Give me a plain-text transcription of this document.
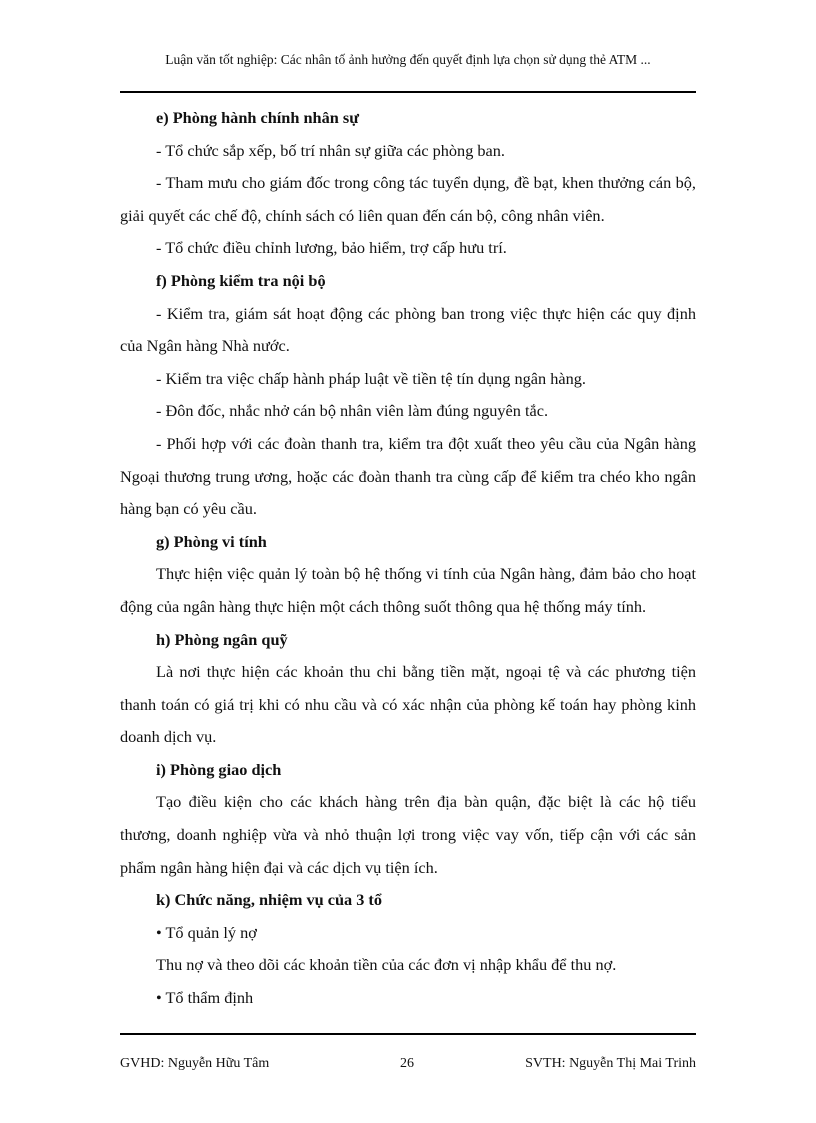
Luận văn tốt nghiệp: Các nhân tố ảnh hưởng đến quyết định lựa chọn sử dụng thẻ ATM ...

e) Phòng hành chính nhân sự

- Tổ chức sắp xếp, bố trí nhân sự giữa các phòng ban.

- Tham mưu cho giám đốc trong công tác tuyển dụng, đề bạt, khen thưởng cán bộ, giải quyết các chế độ, chính sách có liên quan đến cán bộ, công nhân viên.

- Tổ chức điều chỉnh lương, bảo hiểm, trợ cấp hưu trí.

f) Phòng kiểm tra nội bộ

- Kiểm tra, giám sát hoạt động các phòng ban trong việc thực hiện các quy định của Ngân hàng Nhà nước.

- Kiểm tra việc chấp hành pháp luật về tiền tệ tín dụng ngân hàng.

- Đôn đốc, nhắc nhở cán bộ nhân viên làm đúng nguyên tắc.

- Phối hợp với các đoàn thanh tra, kiểm tra đột xuất theo yêu cầu của Ngân hàng Ngoại thương trung ương, hoặc các đoàn thanh tra cùng cấp để kiểm tra chéo kho ngân hàng bạn có yêu cầu.

g) Phòng vi tính

Thực hiện việc quản lý toàn bộ hệ thống vi tính của Ngân hàng, đảm bảo cho hoạt động của ngân hàng thực hiện một cách thông suốt thông qua hệ thống máy tính.

h) Phòng ngân quỹ

Là nơi thực hiện các khoản thu chi bằng tiền mặt, ngoại tệ và các phương tiện thanh toán có giá trị khi có nhu cầu và có xác nhận của phòng kế toán hay phòng kinh doanh dịch vụ.

i) Phòng giao dịch

Tạo điều kiện cho các khách hàng trên địa bàn quận, đặc biệt là các hộ tiểu thương, doanh nghiệp vừa và nhỏ thuận lợi trong việc vay vốn, tiếp cận với các sản phẩm ngân hàng hiện đại và các dịch vụ tiện ích.

k) Chức năng, nhiệm vụ của 3 tổ

• Tổ quản lý nợ

Thu nợ và theo dõi các khoản tiền của các đơn vị nhập khẩu để thu nợ.

• Tổ thẩm định

GVHD: Nguyễn Hữu Tâm	26	SVTH: Nguyễn Thị Mai Trinh
